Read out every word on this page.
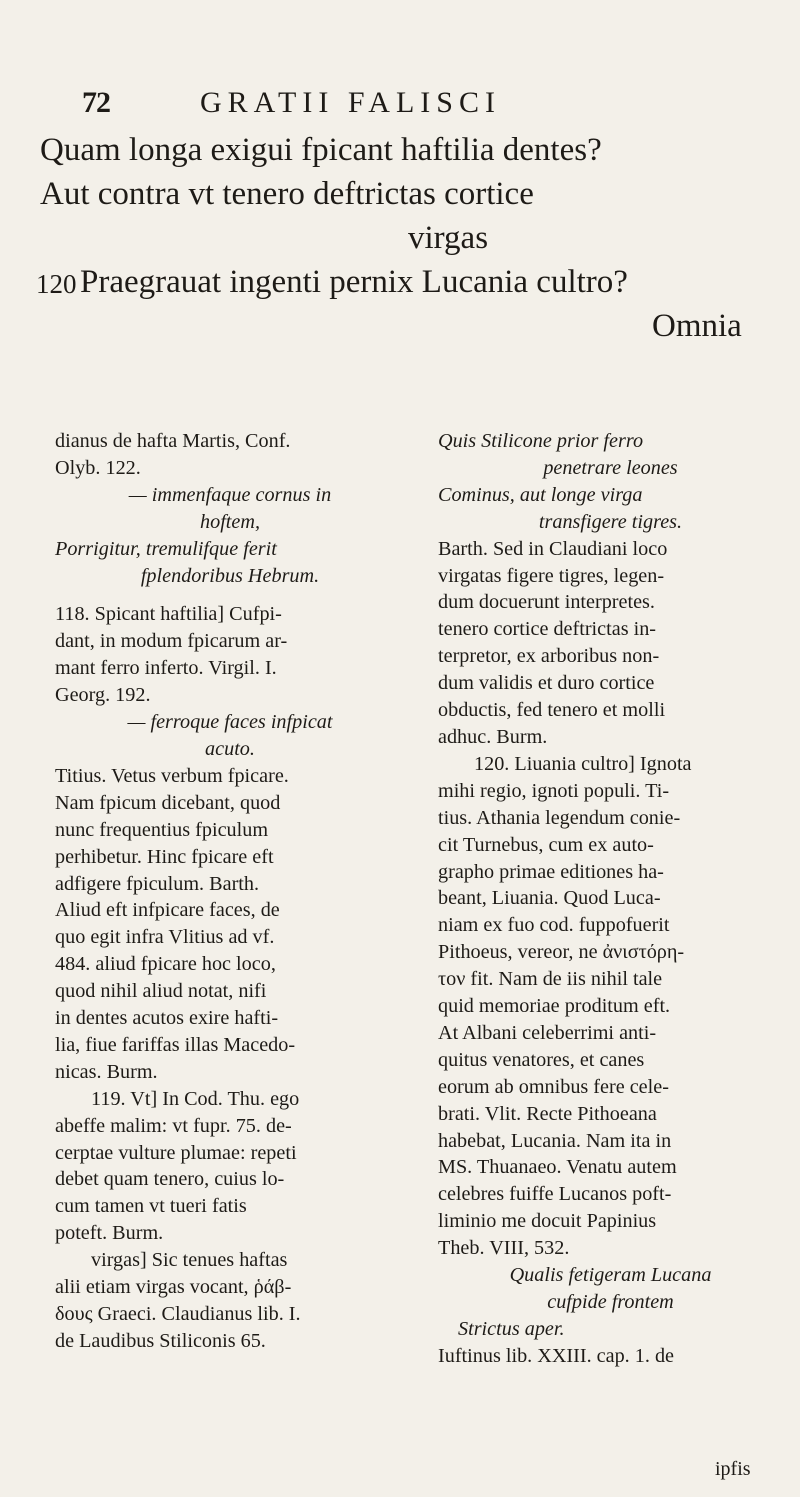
72	GRATII FALISCI
Quam longa exigui fpicant haftilia dentes?
Aut contra vt tenero deftrictas cortice
virgas
120 Praegrauat ingenti pernix Lucania cultro?
Omnia

dianus de hafta Martis, Conf.

Olyb. 122.

— immenfaque cornus in

hoftem,

Porrigitur, tremulifque ferit

fplendoribus Hebrum.

118. Spicant haftilia] Cufpi-

dant, in modum fpicarum ar-

mant ferro inferto. Virgil. I.

Georg. 192.

— ferroque faces infpicat

acuto.

Titius. Vetus verbum fpicare.

Nam fpicum dicebant, quod

nunc frequentius fpiculum

perhibetur. Hinc fpicare eft

adfigere fpiculum. Barth.

Aliud eft infpicare faces, de

quo egit infra Vlitius ad vf.

484. aliud fpicare hoc loco,

quod nihil aliud notat, nifi

in dentes acutos exire hafti-

lia, fiue fariffas illas Macedo-

nicas. Burm.

119. Vt] In Cod. Thu. ego

abeffe malim: vt fupr. 75. de-

cerptae vulture plumae: repeti

debet quam tenero, cuius lo-

cum tamen vt tueri fatis

poteft. Burm.

virgas] Sic tenues haftas

alii etiam virgas vocant, ῥάβ-

δους Graeci. Claudianus lib. I.

de Laudibus Stiliconis 65.

Quis Stilicone prior ferro

penetrare leones

Cominus, aut longe virga

transfigere tigres.

Barth. Sed in Claudiani loco

virgatas figere tigres, legen-

dum docuerunt interpretes.

tenero cortice deftrictas in-

terpretor, ex arboribus non-

dum validis et duro cortice

obductis, fed tenero et molli

adhuc. Burm.

120. Liuania cultro] Ignota

mihi regio, ignoti populi. Ti-

tius. Athania legendum conie-

cit Turnebus, cum ex auto-

grapho primae editiones ha-

beant, Liuania. Quod Luca-

niam ex fuo cod. fuppofuerit

Pithoeus, vereor, ne ἀνιστόρη-

τον fit. Nam de iis nihil tale

quid memoriae proditum eft.

At Albani celeberrimi anti-

quitus venatores, et canes

eorum ab omnibus fere cele-

brati. Vlit. Recte Pithoeana

habebat, Lucania. Nam ita in

MS. Thuanaeo. Venatu autem

celebres fuiffe Lucanos poft-

liminio me docuit Papinius

Theb. VIII, 532.

Qualis fetigeram Lucana

cufpide frontem

Strictus aper.

Iuftinus lib. XXIII. cap. 1. de

ipfis
